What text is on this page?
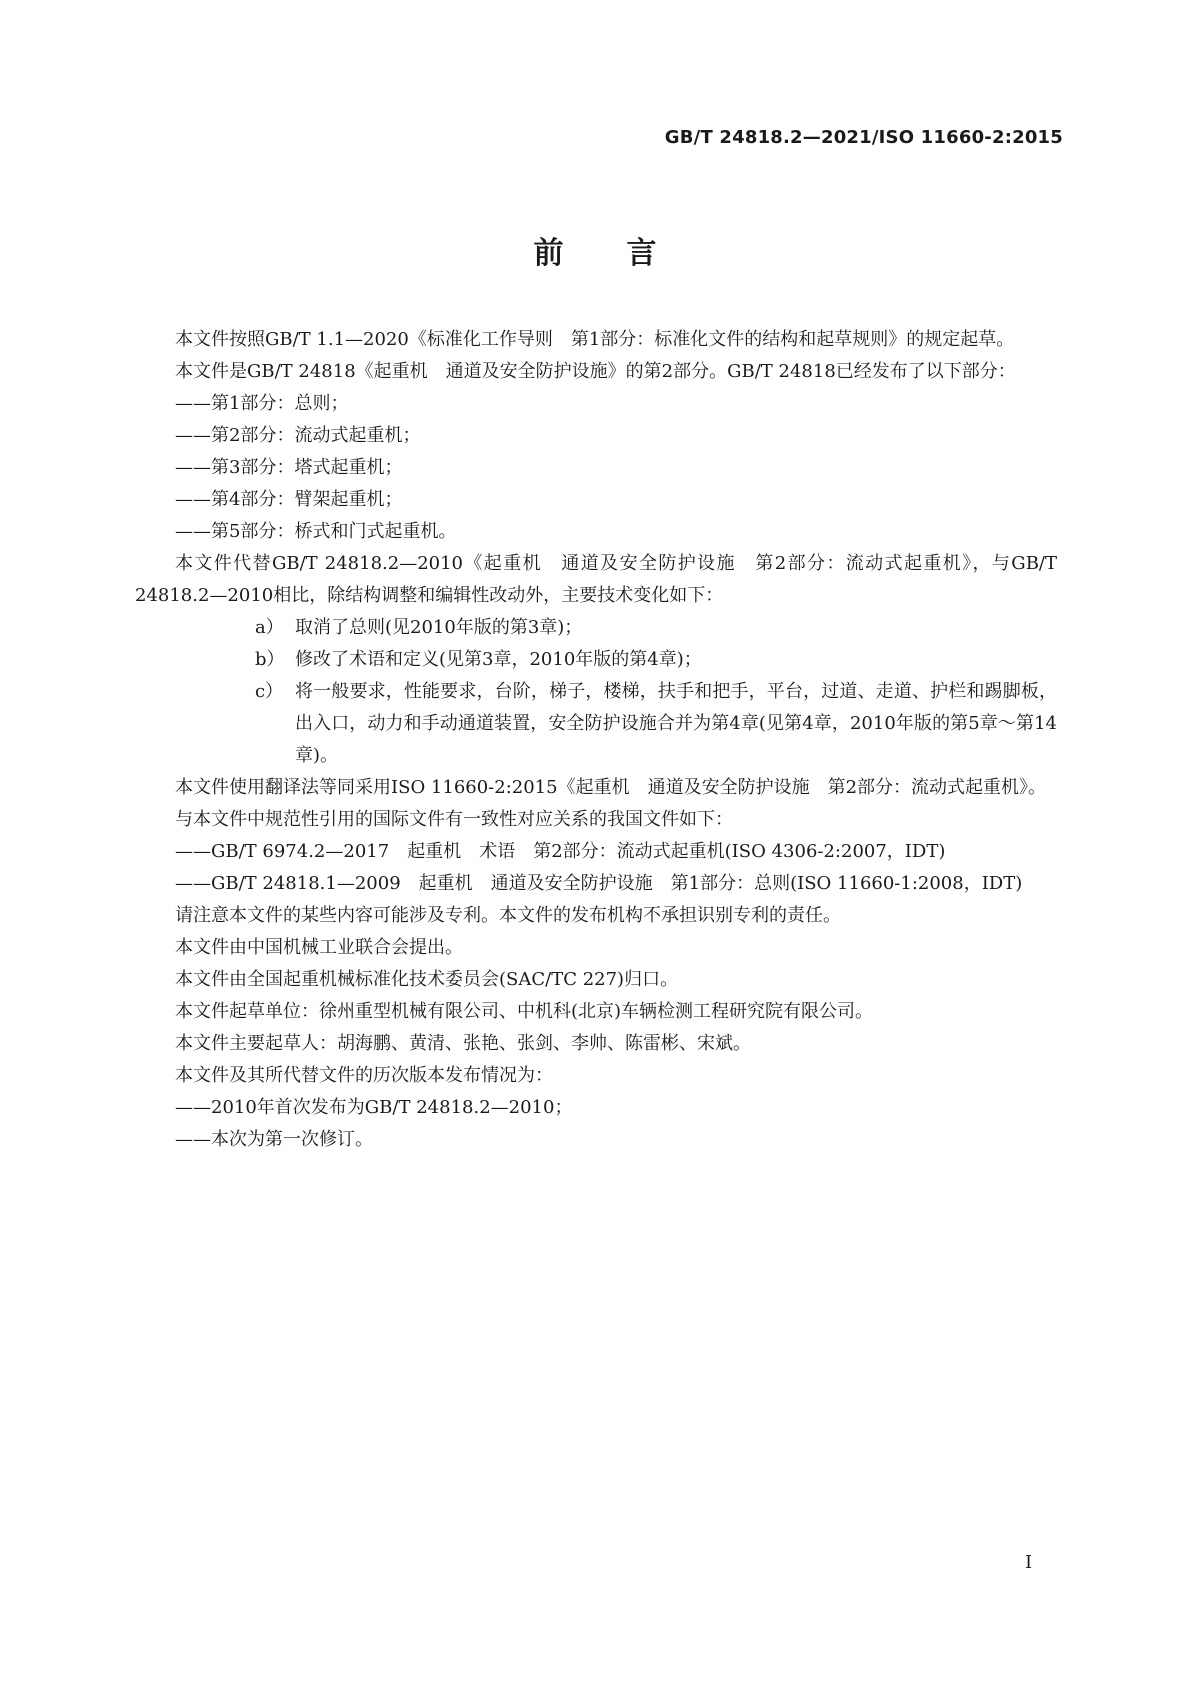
GB/T 24818.2—2021/ISO 11660-2:2015
前 言

本文件按照GB/T 1.1—2020《标准化工作导则　第1部分：标准化文件的结构和起草规则》的规定起草。

本文件是GB/T 24818《起重机　通道及安全防护设施》的第2部分。GB/T 24818已经发布了以下部分：

——第1部分：总则；

——第2部分：流动式起重机；

——第3部分：塔式起重机；

——第4部分：臂架起重机；

——第5部分：桥式和门式起重机。

本文件代替GB/T 24818.2—2010《起重机　通道及安全防护设施　第2部分：流动式起重机》，与GB/T 24818.2—2010相比，除结构调整和编辑性改动外，主要技术变化如下：

a） 取消了总则(见2010年版的第3章)；
b） 修改了术语和定义(见第3章，2010年版的第4章)；
c） 将一般要求，性能要求，台阶，梯子，楼梯，扶手和把手，平台，过道、走道、护栏和踢脚板，出入口，动力和手动通道装置，安全防护设施合并为第4章(见第4章，2010年版的第5章～第14章)。

本文件使用翻译法等同采用ISO 11660-2:2015《起重机　通道及安全防护设施　第2部分：流动式起重机》。

与本文件中规范性引用的国际文件有一致性对应关系的我国文件如下：

——GB/T 6974.2—2017　起重机　术语　第2部分：流动式起重机(ISO 4306-2:2007，IDT)

——GB/T 24818.1—2009　起重机　通道及安全防护设施　第1部分：总则(ISO 11660-1:2008，IDT)

请注意本文件的某些内容可能涉及专利。本文件的发布机构不承担识别专利的责任。

本文件由中国机械工业联合会提出。

本文件由全国起重机械标准化技术委员会(SAC/TC 227)归口。

本文件起草单位：徐州重型机械有限公司、中机科(北京)车辆检测工程研究院有限公司。

本文件主要起草人：胡海鹏、黄清、张艳、张剑、李帅、陈雷彬、宋斌。

本文件及其所代替文件的历次版本发布情况为：

——2010年首次发布为GB/T 24818.2—2010；

——本次为第一次修订。

I
